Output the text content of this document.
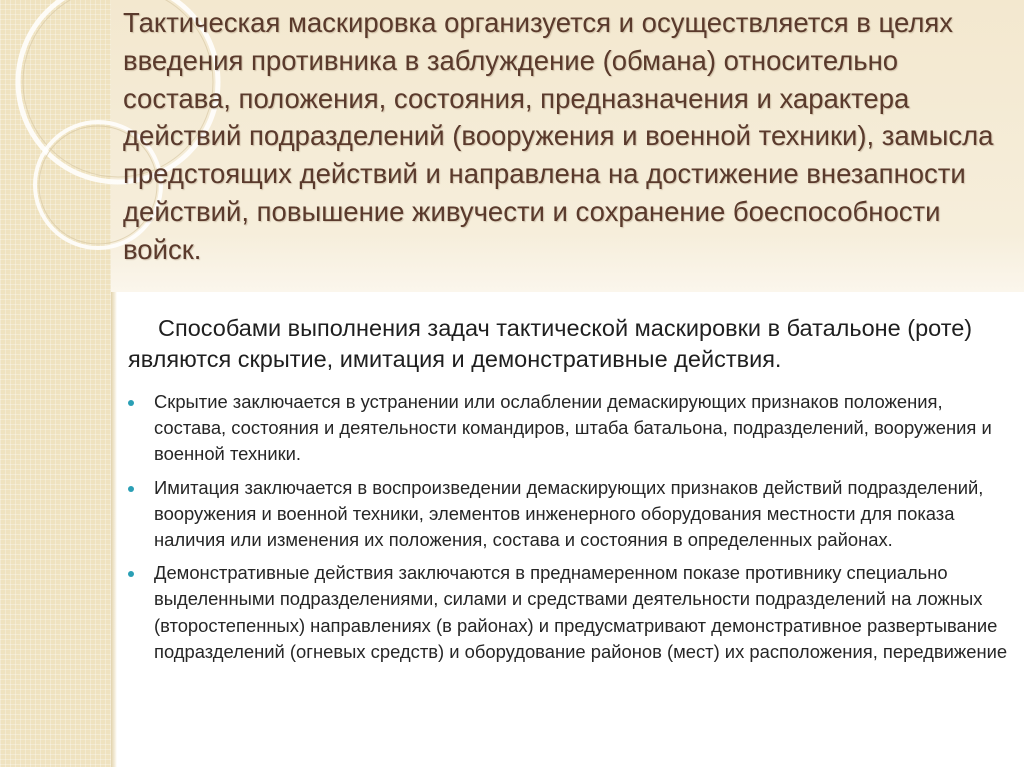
Тактическая маскировка организуется и осуществляется в целях введения противника в заблуждение (обмана) относительно состава, положения, состояния, предназначения и характера действий подразделений (вооружения и военной техники), замысла предстоящих действий и направлена на достижение внезапности действий, повышение живучести и сохранение боеспособности войск.
Способами выполнения задач тактической маскировки в батальоне (роте) являются скрытие, имитация и демонстративные действия.
Скрытие заключается в устранении или ослаблении демаскирующих признаков положения, состава, состояния и деятельности командиров, штаба батальона, подразделений, вооружения и военной техники.
Имитация заключается в воспроизведении демаскирующих признаков действий подразделений, вооружения и военной техники, элементов инженерного оборудования местности для показа наличия или изменения их положения, состава и состояния в определенных районах.
Демонстративные действия заключаются в преднамеренном показе противнику специально выделенными подразделениями, силами и средствами деятельности подразделений на ложных (второстепенных) направлениях (в районах) и предусматривают демонстративное развертывание подразделений (огневых средств) и оборудование районов (мест) их расположения, передвижение
